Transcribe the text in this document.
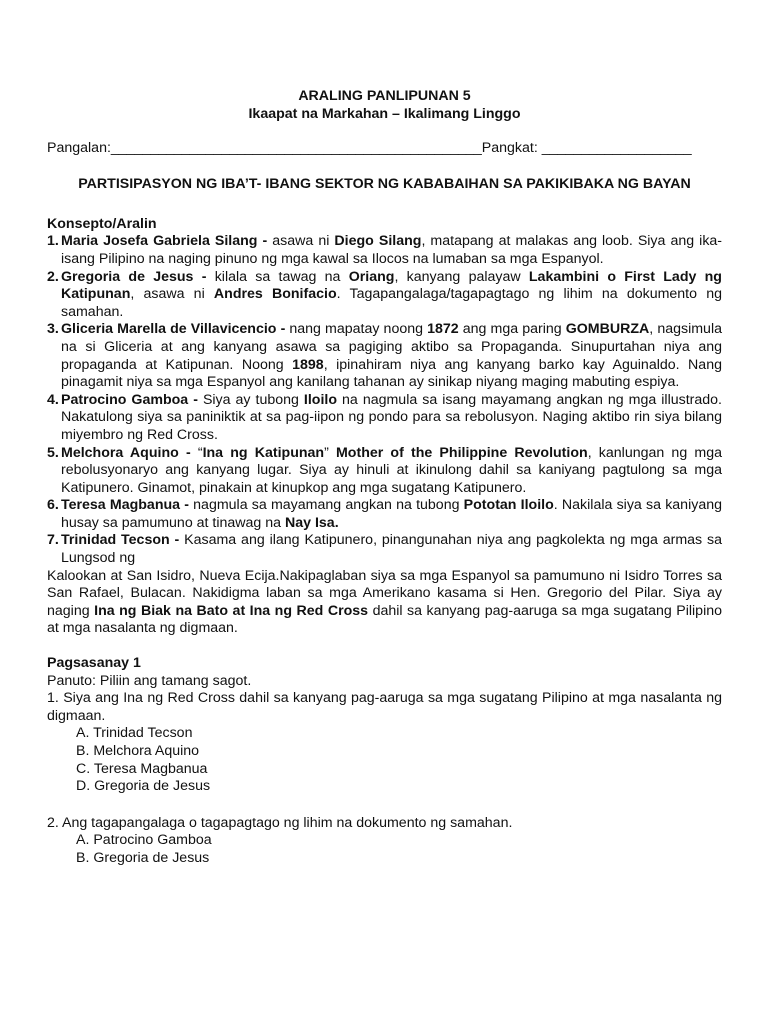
ARALING PANLIPUNAN 5
Ikaapat na Markahan – Ikalimang Linggo
Pangalan:_______________________________________________Pangkat: ___________________
PARTISIPASYON NG IBA’T- IBANG SEKTOR NG KABABAIHAN SA PAKIKIBAKA NG BAYAN
Konsepto/Aralin
1. Maria Josefa Gabriela Silang - asawa ni Diego Silang, matapang at malakas ang loob. Siya ang ika-isang Pilipino na naging pinuno ng mga kawal sa Ilocos na lumaban sa mga Espanyol.
2. Gregoria de Jesus - kilala sa tawag na Oriang, kanyang palayaw Lakambini o First Lady ng Katipunan, asawa ni Andres Bonifacio. Tagapangalaga/tagapagtago ng lihim na dokumento ng samahan.
3. Gliceria Marella de Villavicencio - nang mapatay noong 1872 ang mga paring GOMBURZA, nagsimula na si Gliceria at ang kanyang asawa sa pagiging aktibo sa Propaganda. Sinupurtahan niya ang propaganda at Katipunan. Noong 1898, ipinahiram niya ang kanyang barko kay Aguinaldo. Nang pinagamit niya sa mga Espanyol ang kanilang tahanan ay sinikap niyang maging mabuting espiya.
4. Patrocino Gamboa - Siya ay tubong Iloilo na nagmula sa isang mayamang angkan ng mga illustrado. Nakatulong siya sa paniniktik at sa pag-iipon ng pondo para sa rebolusyon. Naging aktibo rin siya bilang miyembro ng Red Cross.
5. Melchora Aquino - “Ina ng Katipunan” Mother of the Philippine Revolution, kanlungan ng mga rebolusyonaryo ang kanyang lugar. Siya ay hinuli at ikinulong dahil sa kaniyang pagtulong sa mga Katipunero. Ginamot, pinakain at kinupkop ang mga sugatang Katipunero.
6. Teresa Magbanua - nagmula sa mayamang angkan na tubong Pototan Iloilo. Nakilala siya sa kaniyang husay sa pamumuno at tinawag na Nay Isa.
7. Trinidad Tecson - Kasama ang ilang Katipunero, pinangunahan niya ang pagkolekta ng mga armas sa Lungsod ng
Kalookan at San Isidro, Nueva Ecija.Nakipaglaban siya sa mga Espanyol sa pamumuno ni Isidro Torres sa San Rafael, Bulacan. Nakidigma laban sa mga Amerikano kasama si Hen. Gregorio del Pilar. Siya ay naging Ina ng Biak na Bato at Ina ng Red Cross dahil sa kanyang pag-aaruga sa mga sugatang Pilipino at mga nasalanta ng digmaan.
Pagsasanay 1
Panuto: Piliin ang tamang sagot.
1. Siya ang Ina ng Red Cross dahil sa kanyang pag-aaruga sa mga sugatang Pilipino at mga nasalanta ng digmaan.
A. Trinidad Tecson
B. Melchora Aquino
C. Teresa Magbanua
D. Gregoria de Jesus
2. Ang tagapangalaga o tagapagtago ng lihim na dokumento ng samahan.
A. Patrocino Gamboa
B. Gregoria de Jesus
